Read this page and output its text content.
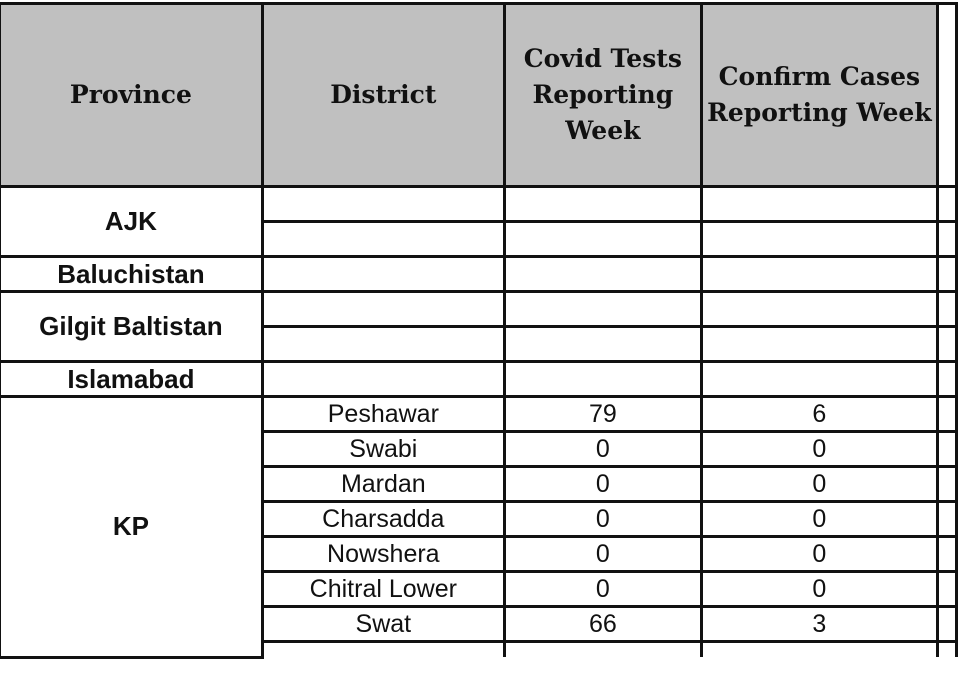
Province	District	Covid Tests Reporting Week	Confirm Cases Reporting Week	
AJK				

Baluchistan				
Gilgit Baltistan				

Islamabad				
KP	Peshawar	79	6	
	Swabi	0	0	
	Mardan	0	0	
	Charsadda	0	0	
	Nowshera	0	0	
	Chitral Lower	0	0	
	Swat	66	3	
